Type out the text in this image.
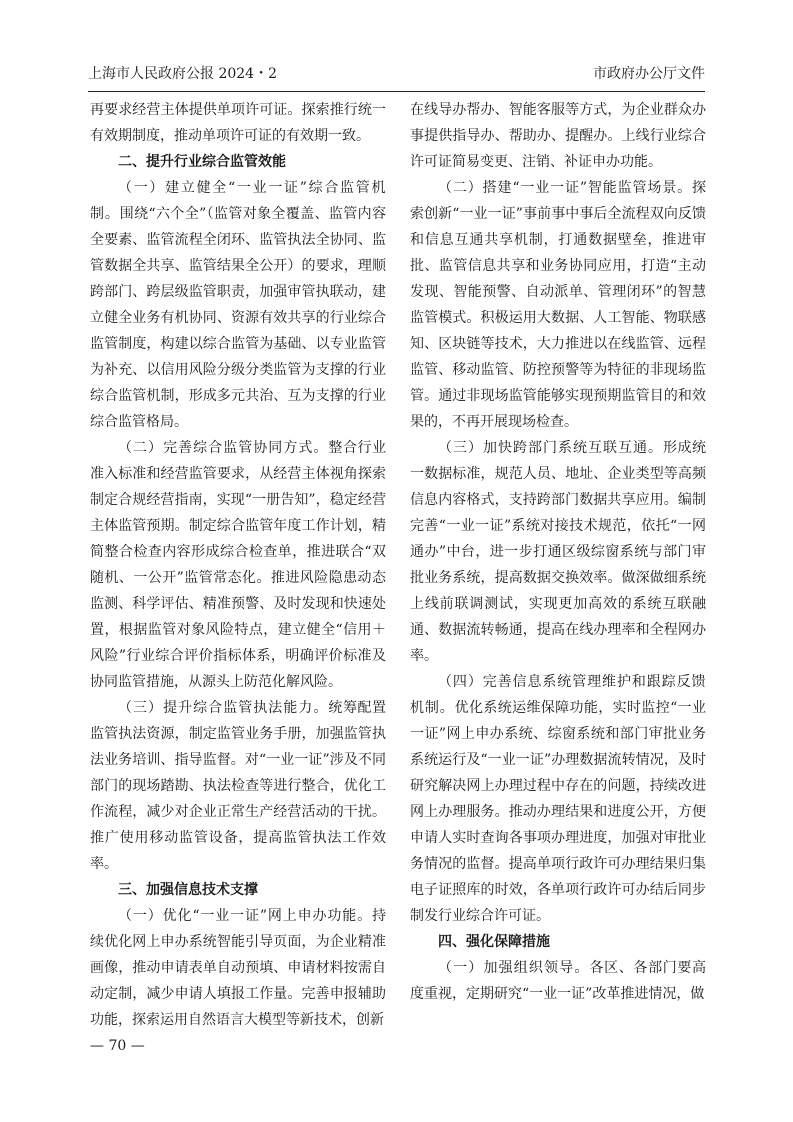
上海市人民政府公报 2024・2	市政府办公厅文件

再要求经营主体提供单项许可证。探索推行统一有效期制度，推动单项许可证的有效期一致。

二、提升行业综合监管效能

（一）建立健全“一业一证”综合监管机制。围绕“六个全”（监管对象全覆盖、监管内容全要素、监管流程全闭环、监管执法全协同、监管数据全共享、监管结果全公开）的要求，理顺跨部门、跨层级监管职责，加强审管执联动，建立健全业务有机协同、资源有效共享的行业综合监管制度，构建以综合监管为基础、以专业监管为补充、以信用风险分级分类监管为支撑的行业综合监管机制，形成多元共治、互为支撑的行业综合监管格局。

（二）完善综合监管协同方式。整合行业准入标准和经营监管要求，从经营主体视角探索制定合规经营指南，实现“一册告知”，稳定经营主体监管预期。制定综合监管年度工作计划，精简整合检查内容形成综合检查单，推进联合“双随机、一公开”监管常态化。推进风险隐患动态监测、科学评估、精准预警、及时发现和快速处置，根据监管对象风险特点，建立健全“信用＋风险”行业综合评价指标体系，明确评价标准及协同监管措施，从源头上防范化解风险。

（三）提升综合监管执法能力。统筹配置监管执法资源，制定监管业务手册，加强监管执法业务培训、指导监督。对“一业一证”涉及不同部门的现场踏勘、执法检查等进行整合，优化工作流程，减少对企业正常生产经营活动的干扰。推广使用移动监管设备，提高监管执法工作效率。

三、加强信息技术支撑

（一）优化“一业一证”网上申办功能。持续优化网上申办系统智能引导页面，为企业精准画像，推动申请表单自动预填、申请材料按需自动定制，减少申请人填报工作量。完善申报辅助功能，探索运用自然语言大模型等新技术，创新

— 70 —

在线导办帮办、智能客服等方式，为企业群众办事提供指导办、帮助办、提醒办。上线行业综合许可证简易变更、注销、补证申办功能。

（二）搭建“一业一证”智能监管场景。探索创新“一业一证”事前事中事后全流程双向反馈和信息互通共享机制，打通数据壁垒，推进审批、监管信息共享和业务协同应用，打造“主动发现、智能预警、自动派单、管理闭环”的智慧监管模式。积极运用大数据、人工智能、物联感知、区块链等技术，大力推进以在线监管、远程监管、移动监管、防控预警等为特征的非现场监管。通过非现场监管能够实现预期监管目的和效果的，不再开展现场检查。

（三）加快跨部门系统互联互通。形成统一数据标准，规范人员、地址、企业类型等高频信息内容格式，支持跨部门数据共享应用。编制完善“一业一证”系统对接技术规范，依托“一网通办”中台，进一步打通区级综窗系统与部门审批业务系统，提高数据交换效率。做深做细系统上线前联调测试，实现更加高效的系统互联融通、数据流转畅通，提高在线办理率和全程网办率。

（四）完善信息系统管理维护和跟踪反馈机制。优化系统运维保障功能，实时监控“一业一证”网上申办系统、综窗系统和部门审批业务系统运行及“一业一证”办理数据流转情况，及时研究解决网上办理过程中存在的问题，持续改进网上办理服务。推动办理结果和进度公开，方便申请人实时查询各事项办理进度，加强对审批业务情况的监督。提高单项行政许可办理结果归集电子证照库的时效，各单项行政许可办结后同步制发行业综合许可证。

四、强化保障措施

（一）加强组织领导。各区、各部门要高度重视，定期研究“一业一证”改革推进情况，做
